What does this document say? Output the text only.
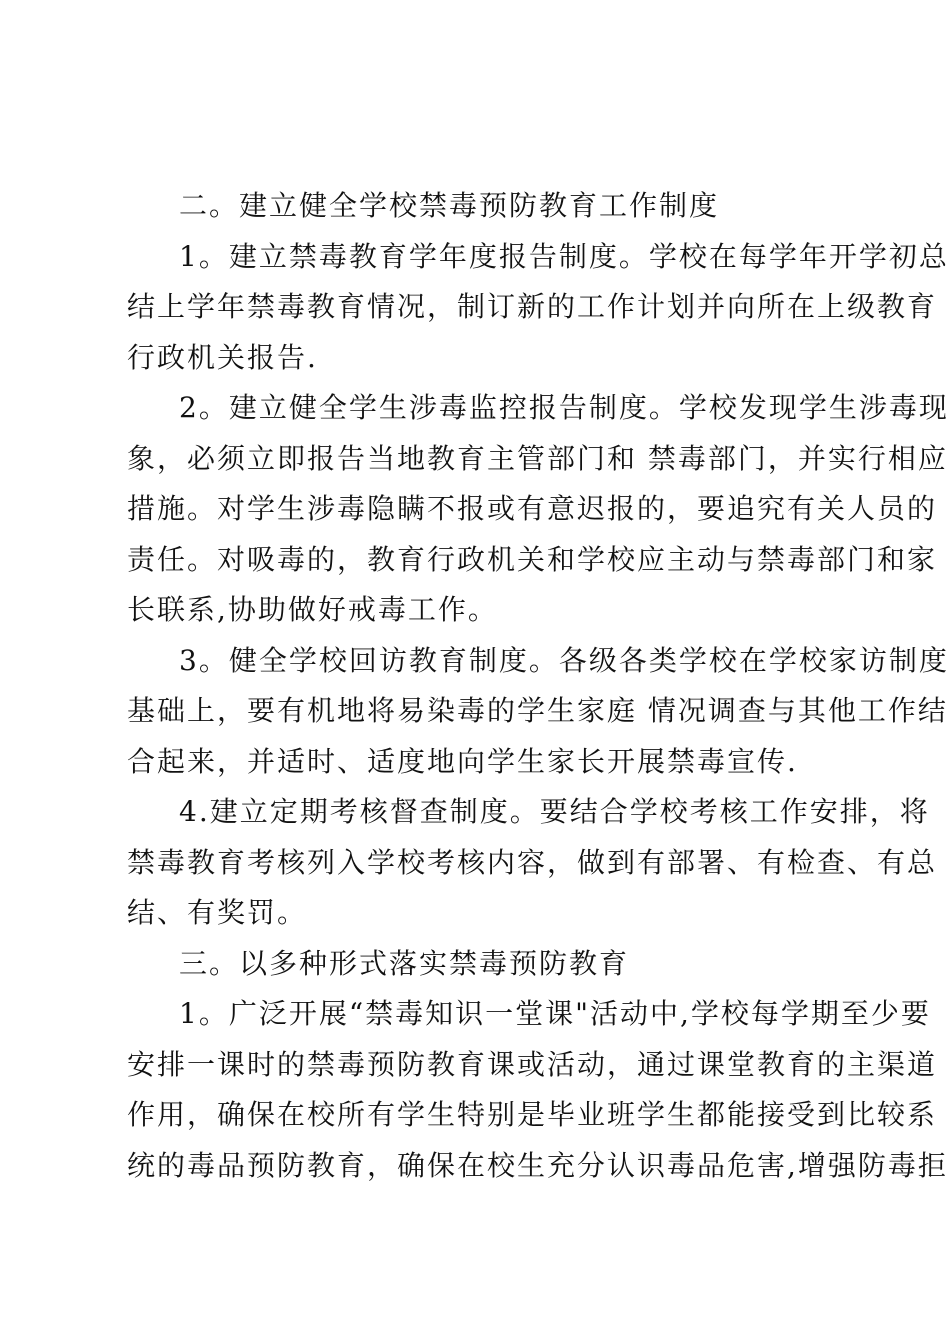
二。建立健全学校禁毒预防教育工作制度

1。建立禁毒教育学年度报告制度。学校在每学年开学初总
结上学年禁毒教育情况，制订新的工作计划并向所在上级教育
行政机关报告.

2。建立健全学生涉毒监控报告制度。学校发现学生涉毒现
象，必须立即报告当地教育主管部门和 禁毒部门，并实行相应
措施。对学生涉毒隐瞒不报或有意迟报的，要追究有关人员的
责任。对吸毒的，教育行政机关和学校应主动与禁毒部门和家
长联系,协助做好戒毒工作。

3。健全学校回访教育制度。各级各类学校在学校家访制度
基础上，要有机地将易染毒的学生家庭 情况调查与其他工作结
合起来，并适时、适度地向学生家长开展禁毒宣传.

4.建立定期考核督查制度。要结合学校考核工作安排，将
禁毒教育考核列入学校考核内容，做到有部署、有检查、有总
结、有奖罚。

三。以多种形式落实禁毒预防教育

1。广泛开展“禁毒知识一堂课"活动中,学校每学期至少要
安排一课时的禁毒预防教育课或活动，通过课堂教育的主渠道
作用，确保在校所有学生特别是毕业班学生都能接受到比较系
统的毒品预防教育，确保在校生充分认识毒品危害,增强防毒拒
